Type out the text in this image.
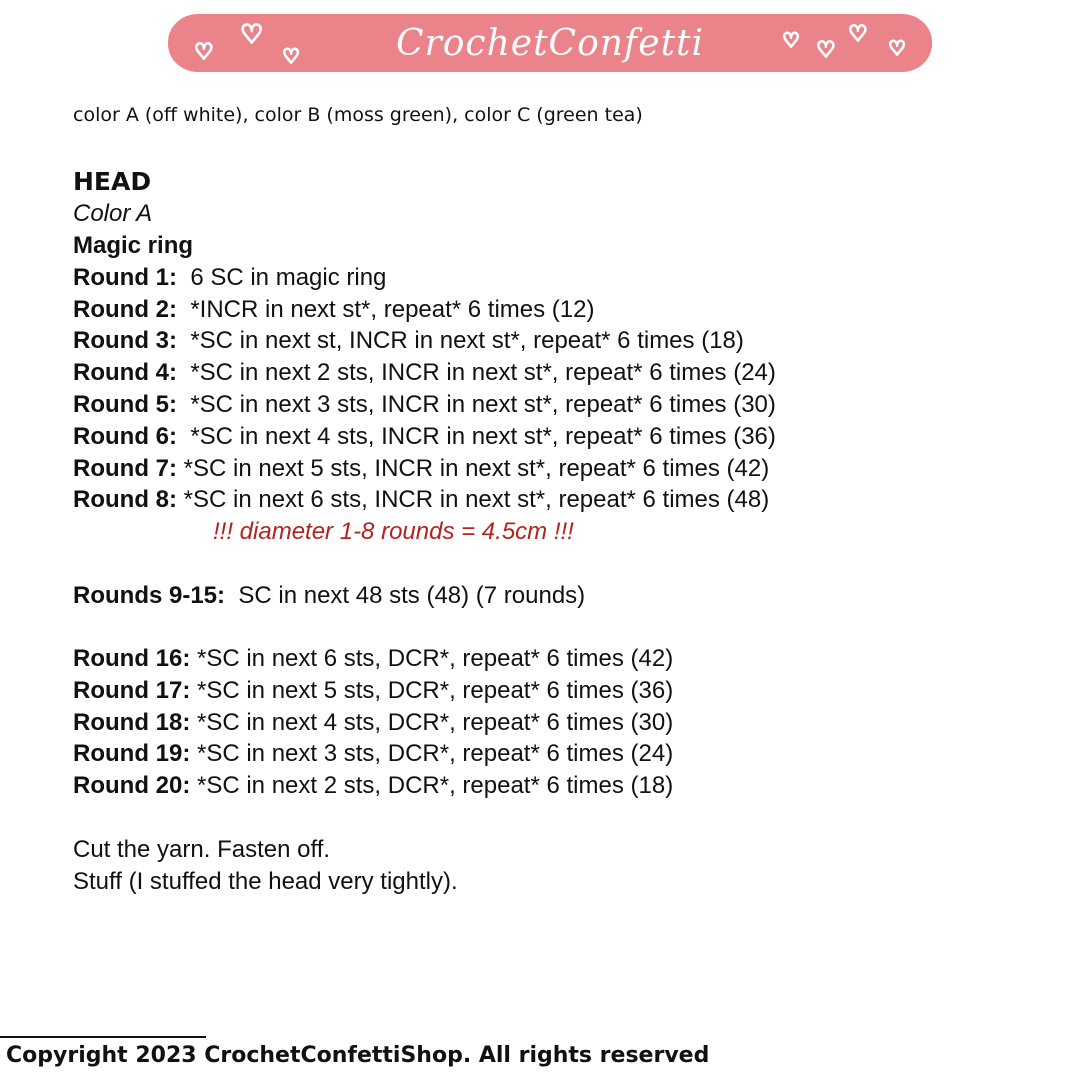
♡
♡
♡	CrochetConfetti	♡ ♡
♡
♡
color A (off white), color B (moss green), color C (green tea)
HEAD
Color A
Magic ring
Round 1: 6 SC in magic ring
Round 2: *INCR in next st*, repeat* 6 times (12)
Round 3: *SC in next st, INCR in next st*, repeat* 6 times (18)
Round 4: *SC in next 2 sts, INCR in next st*, repeat* 6 times (24)
Round 5: *SC in next 3 sts, INCR in next st*, repeat* 6 times (30)
Round 6: *SC in next 4 sts, INCR in next st*, repeat* 6 times (36)
Round 7: *SC in next 5 sts, INCR in next st*, repeat* 6 times (42)
Round 8: *SC in next 6 sts, INCR in next st*, repeat* 6 times (48)
!!! diameter 1-8 rounds = 4.5cm !!!
Rounds 9-15: SC in next 48 sts (48) (7 rounds)
Round 16: *SC in next 6 sts, DCR*, repeat* 6 times (42)
Round 17: *SC in next 5 sts, DCR*, repeat* 6 times (36)
Round 18: *SC in next 4 sts, DCR*, repeat* 6 times (30)
Round 19: *SC in next 3 sts, DCR*, repeat* 6 times (24)
Round 20: *SC in next 2 sts, DCR*, repeat* 6 times (18)
Cut the yarn. Fasten off.
Stuff (I stuffed the head very tightly).
Copyright 2023 CrochetConfettiShop. All rights reserved
